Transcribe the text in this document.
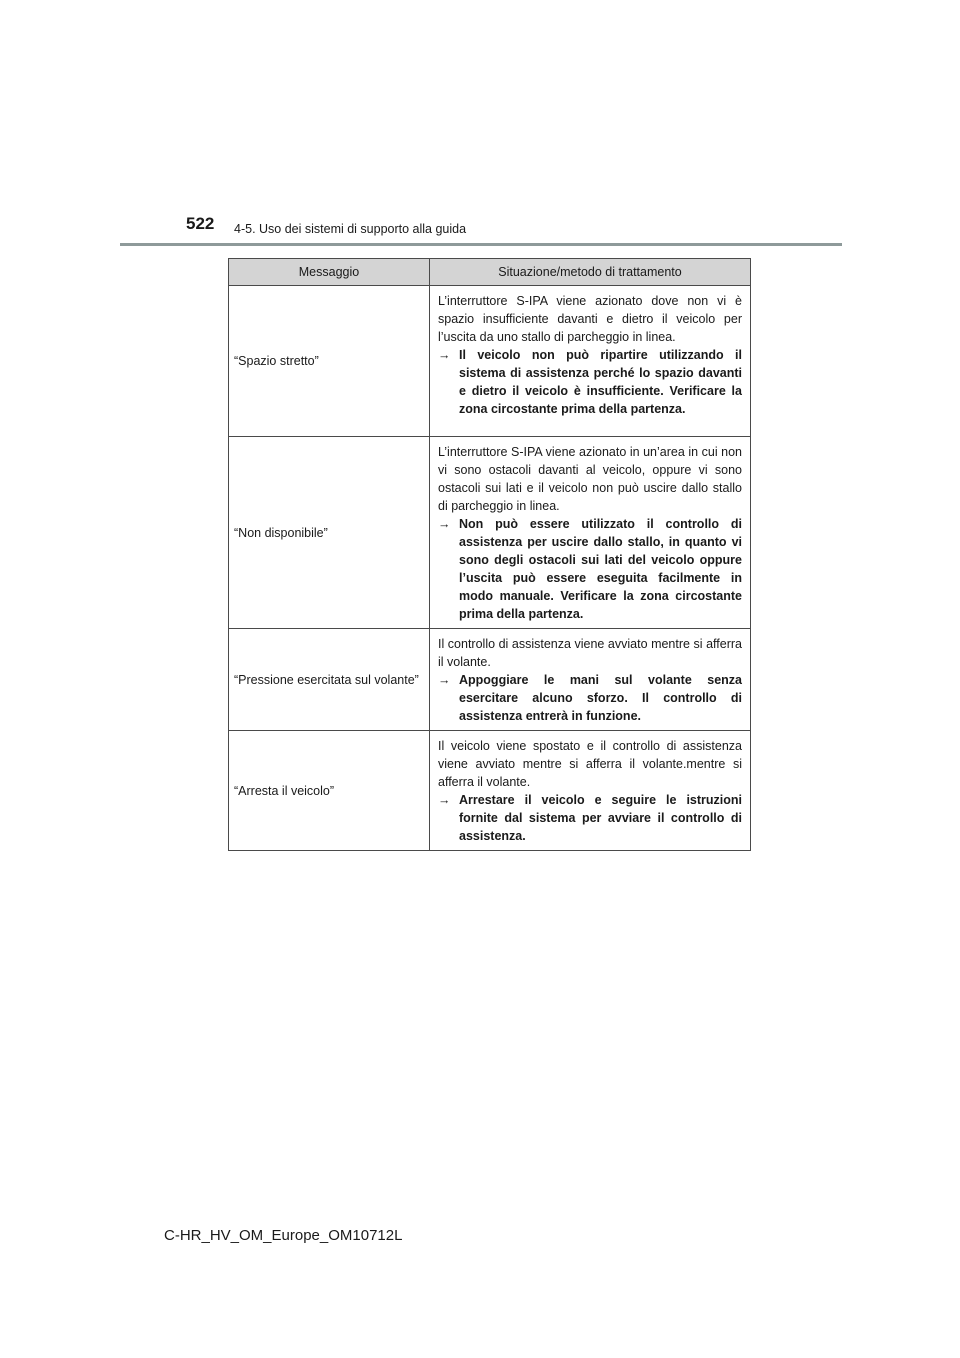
522 4-5. Uso dei sistemi di supporto alla guida

Messaggio	Situazione/metodo di trattamento
“Spazio stretto”	L’interruttore S-IPA viene azionato dove non vi è spazio insufficiente davanti e dietro il veicolo per l’uscita da uno stallo di parcheggio in linea.

→ Il veicolo non può ripartire utilizzando il sistema di assistenza perché lo spazio davanti e dietro il veicolo è insufficiente. Verificare la zona circostante prima della partenza.

“Non disponibile”	L’interruttore S-IPA viene azionato in un’area in cui non vi sono ostacoli davanti al veicolo, oppure vi sono ostacoli sui lati e il veicolo non può uscire dallo stallo di parcheggio in linea.

→ Non può essere utilizzato il controllo di assistenza per uscire dallo stallo, in quanto vi sono degli ostacoli sui lati del veicolo oppure l’uscita può essere eseguita facilmente in modo manuale. Verificare la zona circostante prima della partenza.

“Pressione esercitata sul volante”	Il controllo di assistenza viene avviato mentre si afferra il volante.

→ Appoggiare le mani sul volante senza esercitare alcuno sforzo. Il controllo di assistenza entrerà in funzione.

“Arresta il veicolo”	Il veicolo viene spostato e il controllo di assistenza viene avviato mentre si afferra il volante.mentre si afferra il volante.

→ Arrestare il veicolo e seguire le istruzioni fornite dal sistema per avviare il controllo di assistenza.

C-HR_HV_OM_Europe_OM10712L
